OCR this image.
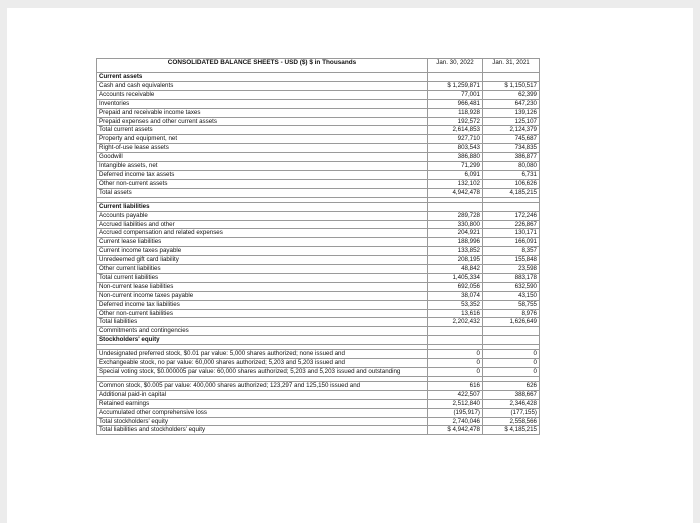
CONSOLIDATED BALANCE SHEETS - USD ($) $ in Thousands	Jan. 30, 2022	Jan. 31, 2021
Current assets		
Cash and cash equivalents	$ 1,259,871	$ 1,150,517
Accounts receivable	77,001	62,399
Inventories	966,481	647,230
Prepaid and receivable income taxes	118,928	139,126
Prepaid expenses and other current assets	192,572	125,107
Total current assets	2,614,853	2,124,379
Property and equipment, net	927,710	745,687
Right-of-use lease assets	803,543	734,835
Goodwill	386,880	386,877
Intangible assets, net	71,299	80,080
Deferred income tax assets	6,091	6,731
Other non-current assets	132,102	106,626
Total assets	4,942,478	4,185,215

Current liabilities		
Accounts payable	289,728	172,246
Accrued liabilities and other	330,800	226,867
Accrued compensation and related expenses	204,921	130,171
Current lease liabilities	188,996	166,091
Current income taxes payable	133,852	8,357
Unredeemed gift card liability	208,195	155,848
Other current liabilities	48,842	23,598
Total current liabilities	1,405,334	883,178
Non-current lease liabilities	692,056	632,590
Non-current income taxes payable	38,074	43,150
Deferred income tax liabilities	53,352	58,755
Other non-current liabilities	13,616	8,976
Total liabilities	2,202,432	1,626,649
Commitments and contingencies		
Stockholders' equity		

Undesignated preferred stock, $0.01 par value: 5,000 shares authorized; none issued and	0	0
Exchangeable stock, no par value: 60,000 shares authorized; 5,203 and 5,203 issued and	0	0
Special voting stock, $0.000005 par value: 60,000 shares authorized; 5,203 and 5,203 issued and outstanding	0	0

Common stock, $0.005 par value: 400,000 shares authorized; 123,297 and 125,150 issued and	616	626
Additional paid-in capital	422,507	388,667
Retained earnings	2,512,840	2,346,428
Accumulated other comprehensive loss	(195,917)	(177,155)
Total stockholders' equity	2,740,046	2,558,566
Total liabilities and stockholders' equity	$ 4,942,478	$ 4,185,215
